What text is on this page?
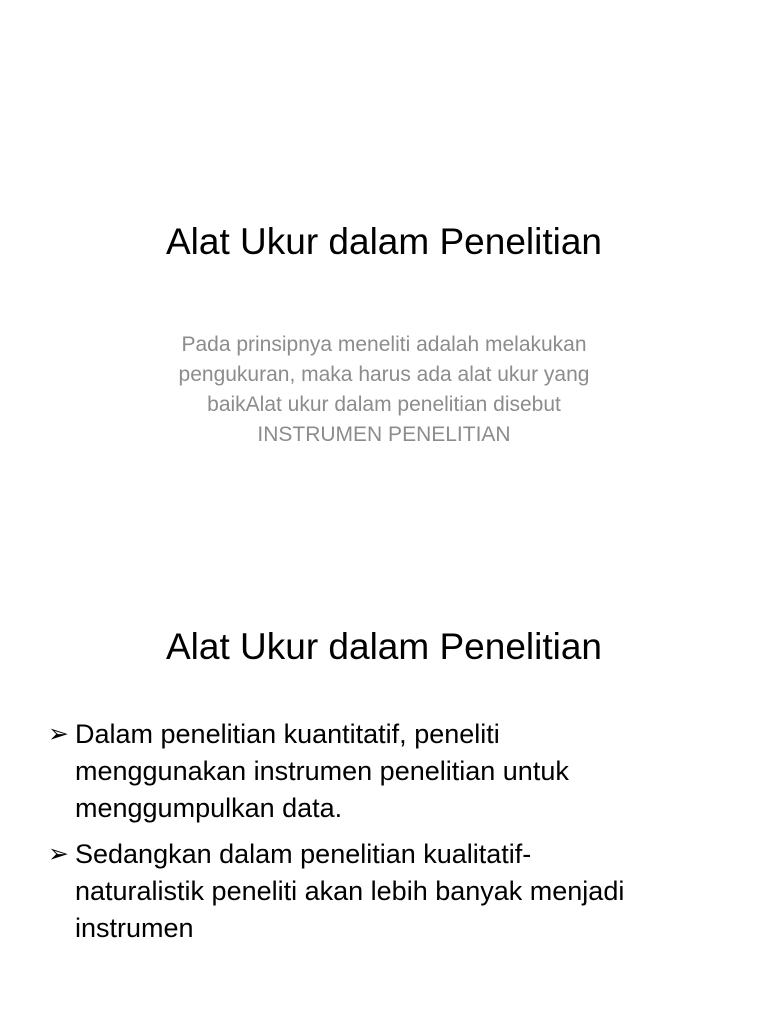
Alat Ukur dalam Penelitian
Pada prinsipnya meneliti adalah melakukan
pengukuran, maka harus ada alat ukur yang
baikAlat ukur dalam penelitian disebut
INSTRUMEN PENELITIAN
Alat Ukur dalam Penelitian
➢ Dalam penelitian kuantitatif, peneliti
menggunakan instrumen penelitian untuk
menggumpulkan data.
➢ Sedangkan dalam penelitian kualitatif-
naturalistik peneliti akan lebih banyak menjadi
instrumen
